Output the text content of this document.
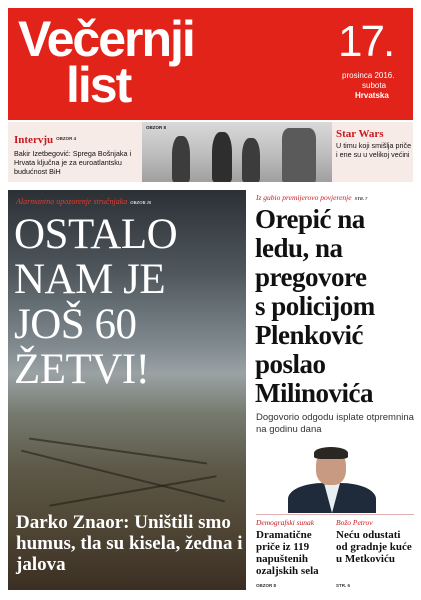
Večernji
list
17.
prosinca 2016.
subota
Hrvatska
Intervju OBZOR 4
Bakir Izetbegović: Sprega Bošnjaka i Hrvata ključna je za euroatlantsku budućnost BiH
OBZOR 8
Star Wars
U timu koji smišlja priče i ene su u velikoj većini
Alarmantno upozorenje stručnjaka OBZOR 20
OSTALO
NAM JE
JOŠ 60
ŽETVI!
Darko Znaor: Uništili smo humus, tla su kisela, žedna i jalova
Iz gubio premijerovo povjerenje STR. 7
Orepić na
ledu, na
pregovore
s policijom
Plenković
poslao
Milinovića
Dogovorio odgodu isplate otpremnina na godinu dana
Demografski sunak
Dramatične priče iz 119 napuštenih ozaljskih sela
Božo Petrov
Neću odustati od gradnje kuće u Metkoviću
OBZOR 8	STR. 6
